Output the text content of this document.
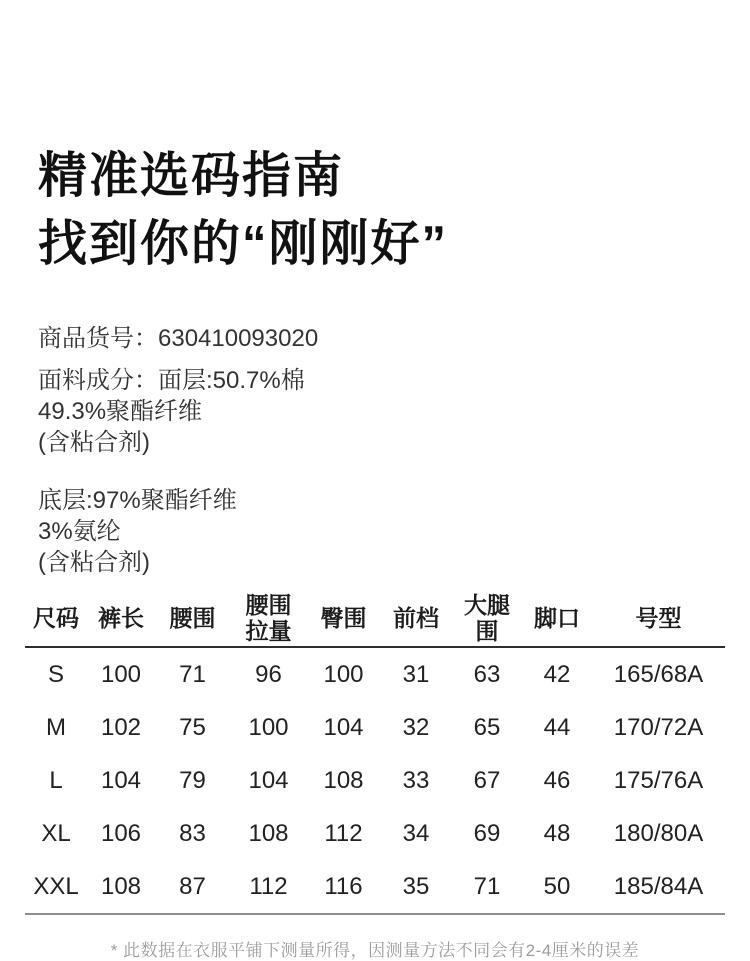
精准选码指南
找到你的“刚刚好”
商品货号：630410093020
面料成分：面层:50.7%棉
49.3%聚酯纤维
(含粘合剂)
底层:97%聚酯纤维
3%氨纶
(含粘合剂)
尺码	裤长	腰围	腰围拉量	臀围	前档	大腿围	脚口	号型
S	100	71	96	100	31	63	42	165/68A
M	102	75	100	104	32	65	44	170/72A
L	104	79	104	108	33	67	46	175/76A
XL	106	83	108	112	34	69	48	180/80A
XXL	108	87	112	116	35	71	50	185/84A
* 此数据在衣服平铺下测量所得，因测量方法不同会有2-4厘米的误差
